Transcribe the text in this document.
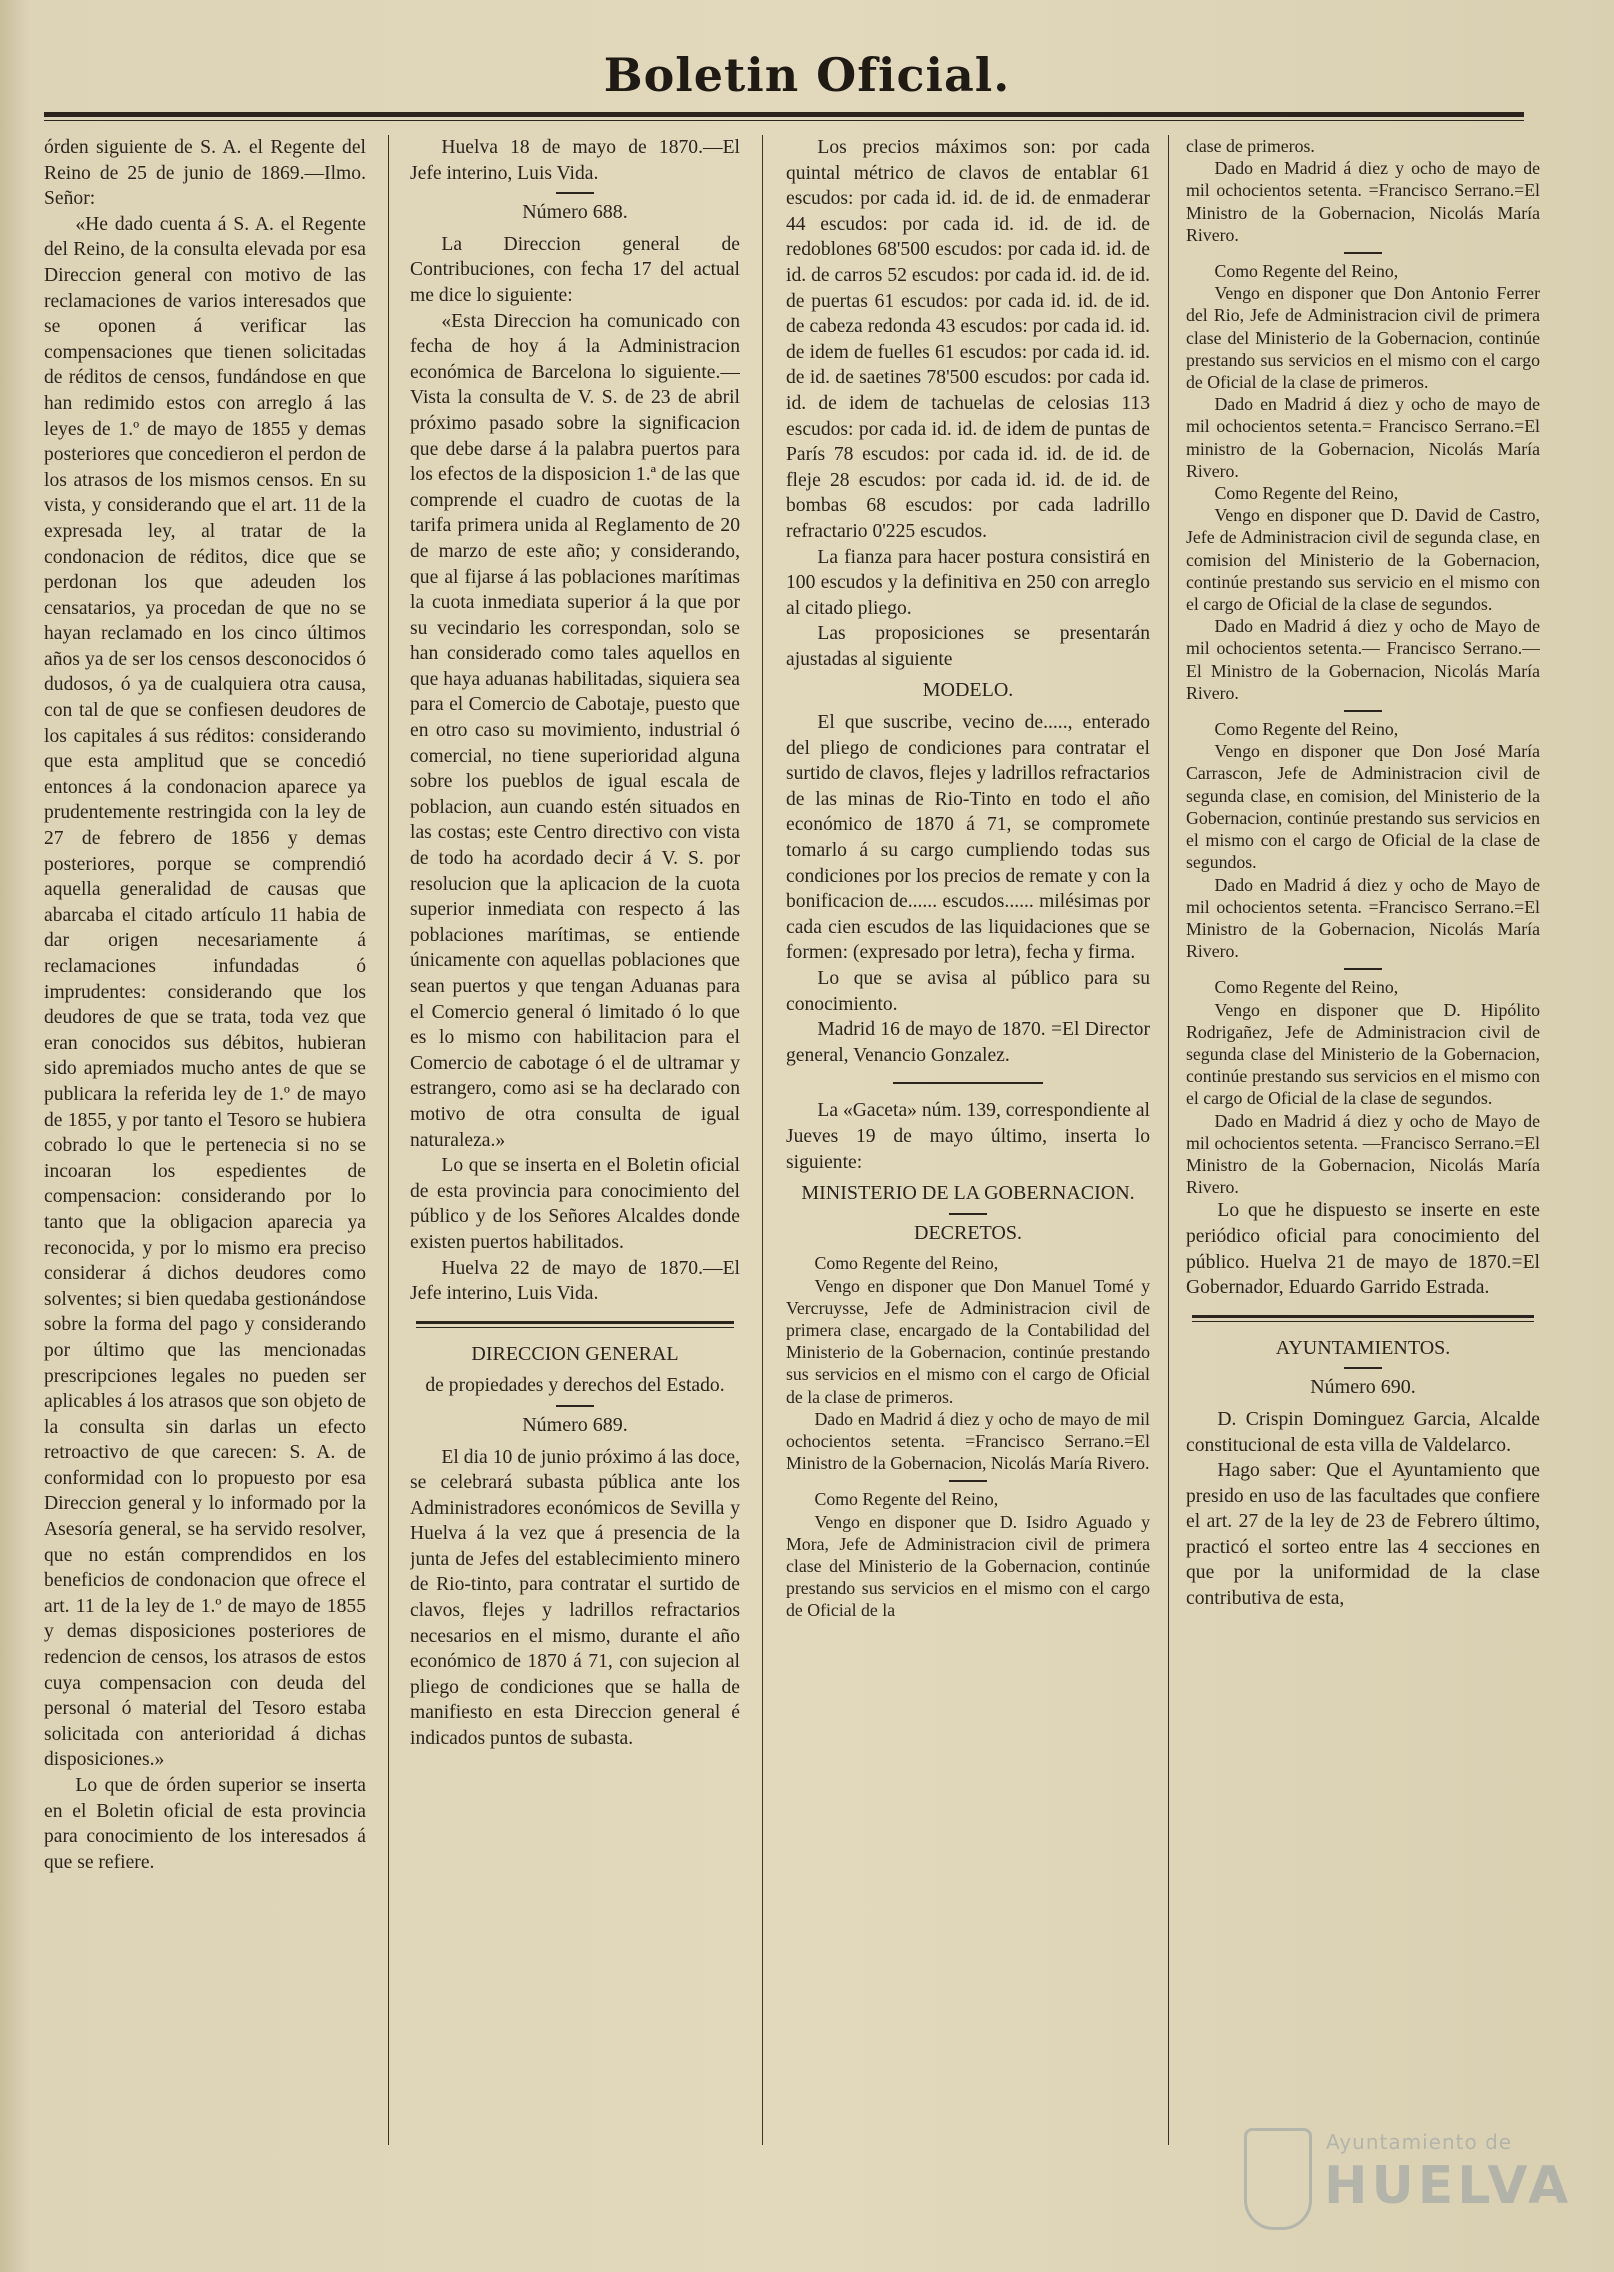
Boletin Oficial.

órden siguiente de S. A. el Regente del Reino de 25 de junio de 1869.—Ilmo. Señor:

«He dado cuenta á S. A. el Regente del Reino, de la consulta elevada por esa Direccion general con motivo de las reclamaciones de varios interesados que se oponen á verificar las compensaciones que tienen solicitadas de réditos de censos, fundándose en que han redimido estos con arreglo á las leyes de 1.º de mayo de 1855 y demas posteriores que concedieron el perdon de los atrasos de los mismos censos. En su vista, y considerando que el art. 11 de la expresada ley, al tratar de la condonacion de réditos, dice que se perdonan los que adeuden los censatarios, ya procedan de que no se hayan reclamado en los cinco últimos años ya de ser los censos desconocidos ó dudosos, ó ya de cualquiera otra causa, con tal de que se confiesen deudores de los capitales á sus réditos: considerando que esta amplitud que se concedió entonces á la condonacion aparece ya prudentemente restringida con la ley de 27 de febrero de 1856 y demas posteriores, porque se comprendió aquella generalidad de causas que abarcaba el citado artículo 11 habia de dar origen necesariamente á reclamaciones infundadas ó imprudentes: considerando que los deudores de que se trata, toda vez que eran conocidos sus débitos, hubieran sido apremiados mucho antes de que se publicara la referida ley de 1.º de mayo de 1855, y por tanto el Tesoro se hubiera cobrado lo que le pertenecia si no se incoaran los espedientes de compensacion: considerando por lo tanto que la obligacion aparecia ya reconocida, y por lo mismo era preciso considerar á dichos deudores como solventes; si bien quedaba gestionándose sobre la forma del pago y considerando por último que las mencionadas prescripciones legales no pueden ser aplicables á los atrasos que son objeto de la consulta sin darlas un efecto retroactivo de que carecen: S. A. de conformidad con lo propuesto por esa Direccion general y lo informado por la Asesoría general, se ha servido resolver, que no están comprendidos en los beneficios de condonacion que ofrece el art. 11 de la ley de 1.º de mayo de 1855 y demas disposiciones posteriores de redencion de censos, los atrasos de estos cuya compensacion con deuda del personal ó material del Tesoro estaba solicitada con anterioridad á dichas disposiciones.»

Lo que de órden superior se inserta en el Boletin oficial de esta provincia para conocimiento de los interesados á que se refiere.

Huelva 18 de mayo de 1870.—El Jefe interino, Luis Vida.

Número 688.

La Direccion general de Contribuciones, con fecha 17 del actual me dice lo siguiente:

«Esta Direccion ha comunicado con fecha de hoy á la Administracion económica de Barcelona lo siguiente.—Vista la consulta de V. S. de 23 de abril próximo pasado sobre la significacion que debe darse á la palabra puertos para los efectos de la disposicion 1.ª de las que comprende el cuadro de cuotas de la tarifa primera unida al Reglamento de 20 de marzo de este año; y considerando, que al fijarse á las poblaciones marítimas la cuota inmediata superior á la que por su vecindario les correspondan, solo se han considerado como tales aquellos en que haya aduanas habilitadas, siquiera sea para el Comercio de Cabotaje, puesto que en otro caso su movimiento, industrial ó comercial, no tiene superioridad alguna sobre los pueblos de igual escala de poblacion, aun cuando estén situados en las costas; este Centro directivo con vista de todo ha acordado decir á V. S. por resolucion que la aplicacion de la cuota superior inmediata con respecto á las poblaciones marítimas, se entiende únicamente con aquellas poblaciones que sean puertos y que tengan Aduanas para el Comercio general ó limitado ó lo que es lo mismo con habilitacion para el Comercio de cabotage ó el de ultramar y estrangero, como asi se ha declarado con motivo de otra consulta de igual naturaleza.»

Lo que se inserta en el Boletin oficial de esta provincia para conocimiento del público y de los Señores Alcaldes donde existen puertos habilitados.

Huelva 22 de mayo de 1870.—El Jefe interino, Luis Vida.

DIRECCION GENERAL

de propiedades y derechos del Estado.

Número 689.

El dia 10 de junio próximo á las doce, se celebrará subasta pública ante los Administradores económicos de Sevilla y Huelva á la vez que á presencia de la junta de Jefes del establecimiento minero de Rio-tinto, para contratar el surtido de clavos, flejes y ladrillos refractarios necesarios en el mismo, durante el año económico de 1870 á 71, con sujecion al pliego de condiciones que se halla de manifiesto en esta Direccion general é indicados puntos de subasta.

Los precios máximos son: por cada quintal métrico de clavos de entablar 61 escudos: por cada id. id. de id. de enmaderar 44 escudos: por cada id. id. de id. de redoblones 68'500 escudos: por cada id. id. de id. de carros 52 escudos: por cada id. id. de id. de puertas 61 escudos: por cada id. id. de id. de cabeza redonda 43 escudos: por cada id. id. de idem de fuelles 61 escudos: por cada id. id. de id. de saetines 78'500 escudos: por cada id. id. de idem de tachuelas de celosias 113 escudos: por cada id. id. de idem de puntas de París 78 escudos: por cada id. id. de id. de fleje 28 escudos: por cada id. id. de id. de bombas 68 escudos: por cada ladrillo refractario 0'225 escudos.

La fianza para hacer postura consistirá en 100 escudos y la definitiva en 250 con arreglo al citado pliego.

Las proposiciones se presentarán ajustadas al siguiente

MODELO.

El que suscribe, vecino de....., enterado del pliego de condiciones para contratar el surtido de clavos, flejes y ladrillos refractarios de las minas de Rio-Tinto en todo el año económico de 1870 á 71, se compromete tomarlo á su cargo cumpliendo todas sus condiciones por los precios de remate y con la bonificacion de...... escudos...... milésimas por cada cien escudos de las liquidaciones que se formen: (expresado por letra), fecha y firma.

Lo que se avisa al público para su conocimiento.

Madrid 16 de mayo de 1870. =El Director general, Venancio Gonzalez.

La «Gaceta» núm. 139, correspondiente al Jueves 19 de mayo último, inserta lo siguiente:

MINISTERIO DE LA GOBERNACION.

DECRETOS.

Como Regente del Reino,

Vengo en disponer que Don Manuel Tomé y Vercruysse, Jefe de Administracion civil de primera clase, encargado de la Contabilidad del Ministerio de la Gobernacion, continúe prestando sus servicios en el mismo con el cargo de Oficial de la clase de primeros.

Dado en Madrid á diez y ocho de mayo de mil ochocientos setenta. =Francisco Serrano.=El Ministro de la Gobernacion, Nicolás María Rivero.

Como Regente del Reino,

Vengo en disponer que D. Isidro Aguado y Mora, Jefe de Administracion civil de primera clase del Ministerio de la Gobernacion, continúe prestando sus servicios en el mismo con el cargo de Oficial de la

clase de primeros.

Dado en Madrid á diez y ocho de mayo de mil ochocientos setenta. =Francisco Serrano.=El Ministro de la Gobernacion, Nicolás María Rivero.

Como Regente del Reino,

Vengo en disponer que Don Antonio Ferrer del Rio, Jefe de Administracion civil de primera clase del Ministerio de la Gobernacion, continúe prestando sus servicios en el mismo con el cargo de Oficial de la clase de primeros.

Dado en Madrid á diez y ocho de mayo de mil ochocientos setenta.= Francisco Serrano.=El ministro de la Gobernacion, Nicolás María Rivero.

Como Regente del Reino,

Vengo en disponer que D. David de Castro, Jefe de Administracion civil de segunda clase, en comision del Ministerio de la Gobernacion, continúe prestando sus servicio en el mismo con el cargo de Oficial de la clase de segundos.

Dado en Madrid á diez y ocho de Mayo de mil ochocientos setenta.— Francisco Serrano.—El Ministro de la Gobernacion, Nicolás María Rivero.

Como Regente del Reino,

Vengo en disponer que Don José María Carrascon, Jefe de Administracion civil de segunda clase, en comision, del Ministerio de la Gobernacion, continúe prestando sus servicios en el mismo con el cargo de Oficial de la clase de segundos.

Dado en Madrid á diez y ocho de Mayo de mil ochocientos setenta. =Francisco Serrano.=El Ministro de la Gobernacion, Nicolás María Rivero.

Como Regente del Reino,

Vengo en disponer que D. Hipólito Rodrigañez, Jefe de Administracion civil de segunda clase del Ministerio de la Gobernacion, continúe prestando sus servicios en el mismo con el cargo de Oficial de la clase de segundos.

Dado en Madrid á diez y ocho de Mayo de mil ochocientos setenta. —Francisco Serrano.=El Ministro de la Gobernacion, Nicolás María Rivero.

Lo que he dispuesto se inserte en este periódico oficial para conocimiento del público. Huelva 21 de mayo de 1870.=El Gobernador, Eduardo Garrido Estrada.

AYUNTAMIENTOS.

Número 690.

D. Crispin Dominguez Garcia, Alcalde constitucional de esta villa de Valdelarco.

Hago saber: Que el Ayuntamiento que presido en uso de las facultades que confiere el art. 27 de la ley de 23 de Febrero último, practicó el sorteo entre las 4 secciones en que por la uniformidad de la clase contributiva de esta,

Ayuntamiento de
HUELVA
